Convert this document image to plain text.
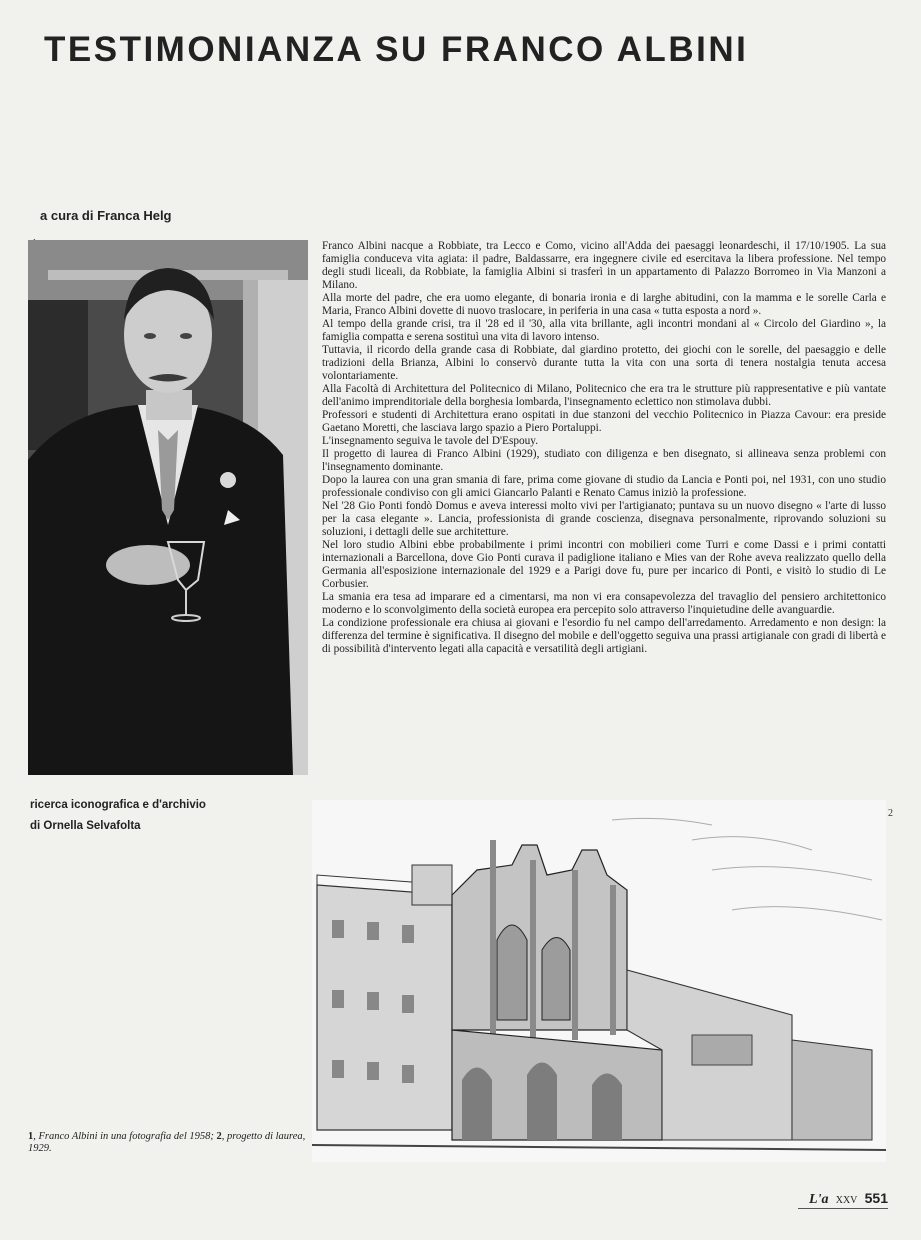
TESTIMONIANZA SU FRANCO ALBINI
a cura di Franca Helg

Franco Albini nacque a Robbiate, tra Lecco e Como, vicino all'Adda dei paesaggi leonardeschi, il 17/10/1905. La sua famiglia conduceva vita agiata: il padre, Baldassarre, era ingegnere civile ed esercitava la libera professione. Nel tempo degli studi liceali, da Robbiate, la famiglia Albini si trasferì in un appartamento di Palazzo Borromeo in Via Manzoni a Milano.

Alla morte del padre, che era uomo elegante, di bonaria ironia e di larghe abitudini, con la mamma e le sorelle Carla e Maria, Franco Albini dovette di nuovo traslocare, in periferia in una casa « tutta esposta a nord ».

Al tempo della grande crisi, tra il '28 ed il '30, alla vita brillante, agli incontri mondani al « Circolo del Giardino », la famiglia compatta e serena sostituì una vita di lavoro intenso.

Tuttavia, il ricordo della grande casa di Robbiate, dal giardino protetto, dei giochi con le sorelle, del paesaggio e delle tradizioni della Brianza, Albini lo conservò durante tutta la vita con una sorta di tenera nostalgia tenuta accesa volontariamente.

Alla Facoltà di Architettura del Politecnico di Milano, Politecnico che era tra le strutture più rappresentative e più vantate dell'animo imprenditoriale della borghesia lombarda, l'insegnamento eclettico non stimolava dubbi.

Professori e studenti di Architettura erano ospitati in due stanzoni del vecchio Politecnico in Piazza Cavour: era preside Gaetano Moretti, che lasciava largo spazio a Piero Portaluppi.

L'insegnamento seguiva le tavole del D'Espouy.

Il progetto di laurea di Franco Albini (1929), studiato con diligenza e ben disegnato, si allineava senza problemi con l'insegnamento dominante.

Dopo la laurea con una gran smania di fare, prima come giovane di studio da Lancia e Ponti poi, nel 1931, con uno studio professionale condiviso con gli amici Giancarlo Palanti e Renato Camus iniziò la professione.

Nel '28 Gio Ponti fondò Domus e aveva interessi molto vivi per l'artigianato; puntava su un nuovo disegno « l'arte di lusso per la casa elegante ». Lancia, professionista di grande coscienza, disegnava personalmente, riprovando soluzioni su soluzioni, i dettagli delle sue architetture.

Nel loro studio Albini ebbe probabilmente i primi incontri con mobilieri come Turri e come Dassi e i primi contatti internazionali a Barcellona, dove Gio Ponti curava il padiglione italiano e Mies van der Rohe aveva realizzato quello della Germania all'esposizione internazionale del 1929 e a Parigi dove fu, pure per incarico di Ponti, e visitò lo studio di Le Corbusier.

La smania era tesa ad imparare ed a cimentarsi, ma non vi era consapevolezza del travaglio del pensiero architettonico moderno e lo sconvolgimento della società europea era percepito solo attraverso l'inquietudine delle avanguardie.

La condizione professionale era chiusa ai giovani e l'esordio fu nel campo dell'arredamento. Arredamento e non design: la differenza del termine è significativa. Il disegno del mobile e dell'oggetto seguiva una prassi artigianale con gradi di libertà e di possibilità d'intervento legati alla capacità e versatilità degli artigiani.

ricerca iconografica e d'archivio
di Ornella Selvafolta
2
1, Franco Albini in una fotografia del 1958; 2, progetto di laurea, 1929.
L'a XXV 551
